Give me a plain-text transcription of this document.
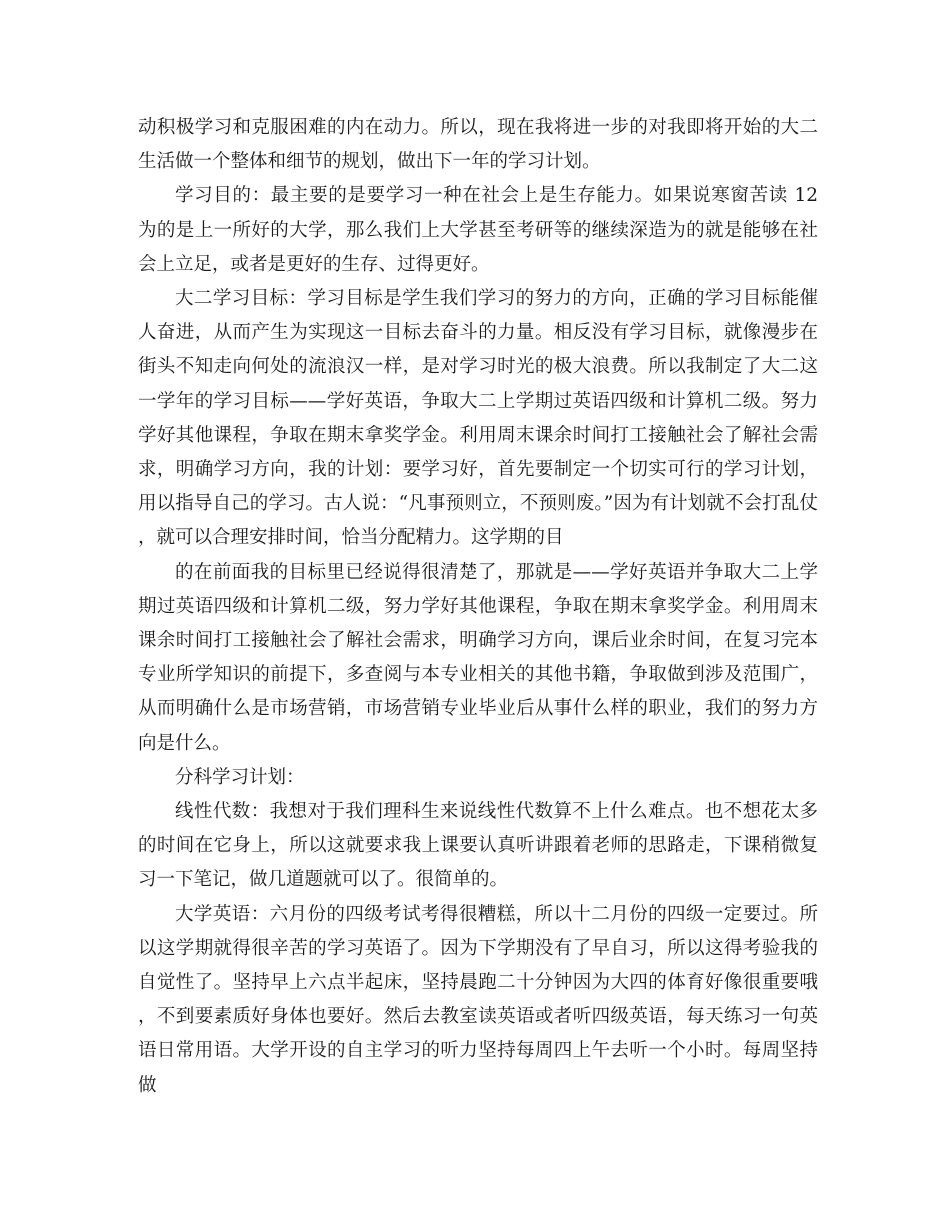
动积极学习和克服困难的内在动力。所以，现在我将进一步的对我即将开始的大二生活做一个整体和细节的规划，做出下一年的学习计划。

学习目的：最主要的是要学习一种在社会上是生存能力。如果说寒窗苦读 12 为的是上一所好的大学，那么我们上大学甚至考研等的继续深造为的就是能够在社会上立足，或者是更好的生存、过得更好。

大二学习目标：学习目标是学生我们学习的努力的方向，正确的学习目标能催人奋进，从而产生为实现这一目标去奋斗的力量。相反没有学习目标，就像漫步在街头不知走向何处的流浪汉一样，是对学习时光的极大浪费。所以我制定了大二这一学年的学习目标——学好英语，争取大二上学期过英语四级和计算机二级。努力学好其他课程，争取在期末拿奖学金。利用周末课余时间打工接触社会了解社会需求，明确学习方向，我的计划：要学习好，首先要制定一个切实可行的学习计划，用以指导自己的学习。古人说：“凡事预则立，不预则废。”因为有计划就不会打乱仗，就可以合理安排时间，恰当分配精力。这学期的目

的在前面我的目标里已经说得很清楚了，那就是——学好英语并争取大二上学期过英语四级和计算机二级，努力学好其他课程，争取在期末拿奖学金。利用周末课余时间打工接触社会了解社会需求，明确学习方向，课后业余时间，在复习完本专业所学知识的前提下，多查阅与本专业相关的其他书籍，争取做到涉及范围广，从而明确什么是市场营销，市场营销专业毕业后从事什么样的职业，我们的努力方向是什么。

分科学习计划：

线性代数：我想对于我们理科生来说线性代数算不上什么难点。也不想花太多的时间在它身上，所以这就要求我上课要认真听讲跟着老师的思路走，下课稍微复习一下笔记，做几道题就可以了。很简单的。

大学英语：六月份的四级考试考得很糟糕，所以十二月份的四级一定要过。所以这学期就得很辛苦的学习英语了。因为下学期没有了早自习，所以这得考验我的自觉性了。坚持早上六点半起床，坚持晨跑二十分钟因为大四的体育好像很重要哦，不到要素质好身体也要好。然后去教室读英语或者听四级英语，每天练习一句英语日常用语。大学开设的自主学习的听力坚持每周四上午去听一个小时。每周坚持做
